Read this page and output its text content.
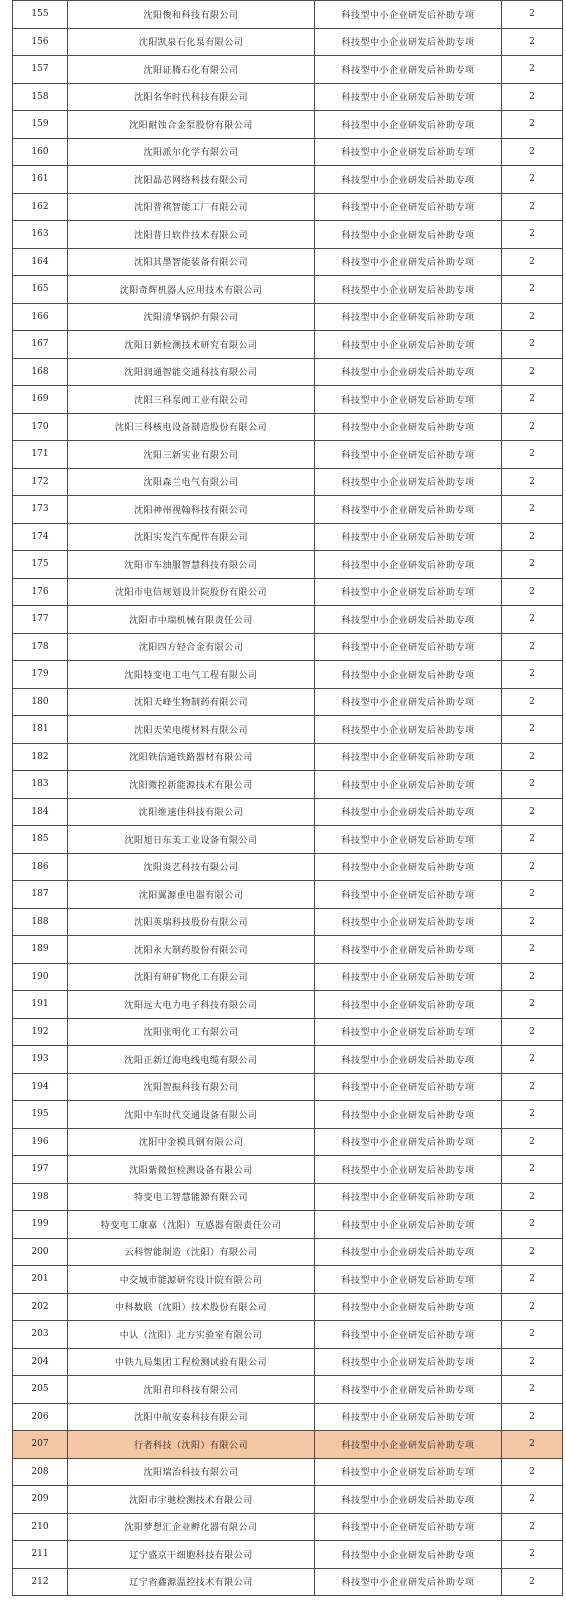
155	沈阳俊和科技有限公司	科技型中小企业研发后补助专项	2
156	沈阳凯泉石化泵有限公司	科技型中小企业研发后补助专项	2
157	沈阳证腾石化有限公司	科技型中小企业研发后补助专项	2
158	沈阳名华时代科技有限公司	科技型中小企业研发后补助专项	2
159	沈阳耐蚀合金泵股份有限公司	科技型中小企业研发后补助专项	2
160	沈阳派尔化学有限公司	科技型中小企业研发后补助专项	2
161	沈阳晶芯网络科技有限公司	科技型中小企业研发后补助专项	2
162	沈阳普祺智能工厂有限公司	科技型中小企业研发后补助专项	2
163	沈阳普日软件技术有限公司	科技型中小企业研发后补助专项	2
164	沈阳其墨智能装备有限公司	科技型中小企业研发后补助专项	2
165	沈阳奇辉机器人应用技术有限公司	科技型中小企业研发后补助专项	2
166	沈阳清华锅炉有限公司	科技型中小企业研发后补助专项	2
167	沈阳日新检测技术研究有限公司	科技型中小企业研发后补助专项	2
168	沈阳润通智能交通科技有限公司	科技型中小企业研发后补助专项	2
169	沈阳三科泵阀工业有限公司	科技型中小企业研发后补助专项	2
170	沈阳三科核电设备制造股份有限公司	科技型中小企业研发后补助专项	2
171	沈阳三新实业有限公司	科技型中小企业研发后补助专项	2
172	沈阳森兰电气有限公司	科技型中小企业研发后补助专项	2
173	沈阳神州视翰科技有限公司	科技型中小企业研发后补助专项	2
174	沈阳实发汽车配件有限公司	科技型中小企业研发后补助专项	2
175	沈阳市车油服智慧科技有限公司	科技型中小企业研发后补助专项	2
176	沈阳市电信规划设计院股份有限公司	科技型中小企业研发后补助专项	2
177	沈阳市中瑞机械有限责任公司	科技型中小企业研发后补助专项	2
178	沈阳四方轻合金有限公司	科技型中小企业研发后补助专项	2
179	沈阳特变电工电气工程有限公司	科技型中小企业研发后补助专项	2
180	沈阳天峰生物制药有限公司	科技型中小企业研发后补助专项	2
181	沈阳天荣电缆材料有限公司	科技型中小企业研发后补助专项	2
182	沈阳铁信通铁路器材有限公司	科技型中小企业研发后补助专项	2
183	沈阳微控新能源技术有限公司	科技型中小企业研发后补助专项	2
184	沈阳维速佳科技有限公司	科技型中小企业研发后补助专项	2
185	沈阳旭日东美工业设备有限公司	科技型中小企业研发后补助专项	2
186	沈阳炎艺科技有限公司	科技型中小企业研发后补助专项	2
187	沈阳翼源重电器有限公司	科技型中小企业研发后补助专项	2
188	沈阳英瑞科技股份有限公司	科技型中小企业研发后补助专项	2
189	沈阳永大制药股份有限公司	科技型中小企业研发后补助专项	2
190	沈阳有研矿物化工有限公司	科技型中小企业研发后补助专项	2
191	沈阳远大电力电子科技有限公司	科技型中小企业研发后补助专项	2
192	沈阳张明化工有限公司	科技型中小企业研发后补助专项	2
193	沈阳正新辽海电线电缆有限公司	科技型中小企业研发后补助专项	2
194	沈阳智振科技有限公司	科技型中小企业研发后补助专项	2
195	沈阳中车时代交通设备有限公司	科技型中小企业研发后补助专项	2
196	沈阳中金模具钢有限公司	科技型中小企业研发后补助专项	2
197	沈阳紫微恒检测设备有限公司	科技型中小企业研发后补助专项	2
198	特变电工智慧能源有限公司	科技型中小企业研发后补助专项	2
199	特变电工康嘉（沈阳）互感器有限责任公司	科技型中小企业研发后补助专项	2
200	云科智能制造（沈阳）有限公司	科技型中小企业研发后补助专项	2
201	中交城市能源研究设计院有限公司	科技型中小企业研发后补助专项	2
202	中科数联（沈阳）技术股份有限公司	科技型中小企业研发后补助专项	2
203	中认（沈阳）北方实验室有限公司	科技型中小企业研发后补助专项	2
204	中铁九局集团工程检测试验有限公司	科技型中小企业研发后补助专项	2
205	沈阳君印科技有限公司	科技型中小企业研发后补助专项	2
206	沈阳中航安泰科技有限公司	科技型中小企业研发后补助专项	2
207	行者科技（沈阳）有限公司	科技型中小企业研发后补助专项	2
208	沈阳瑞治科技有限公司	科技型中小企业研发后补助专项	2
209	沈阳市宇驰检测技术有限公司	科技型中小企业研发后补助专项	2
210	沈阳梦想汇企业孵化器有限公司	科技型中小企业研发后补助专项	2
211	辽宁盛京干细胞科技有限公司	科技型中小企业研发后补助专项	2
212	辽宁省鑫源温控技术有限公司	科技型中小企业研发后补助专项	2
